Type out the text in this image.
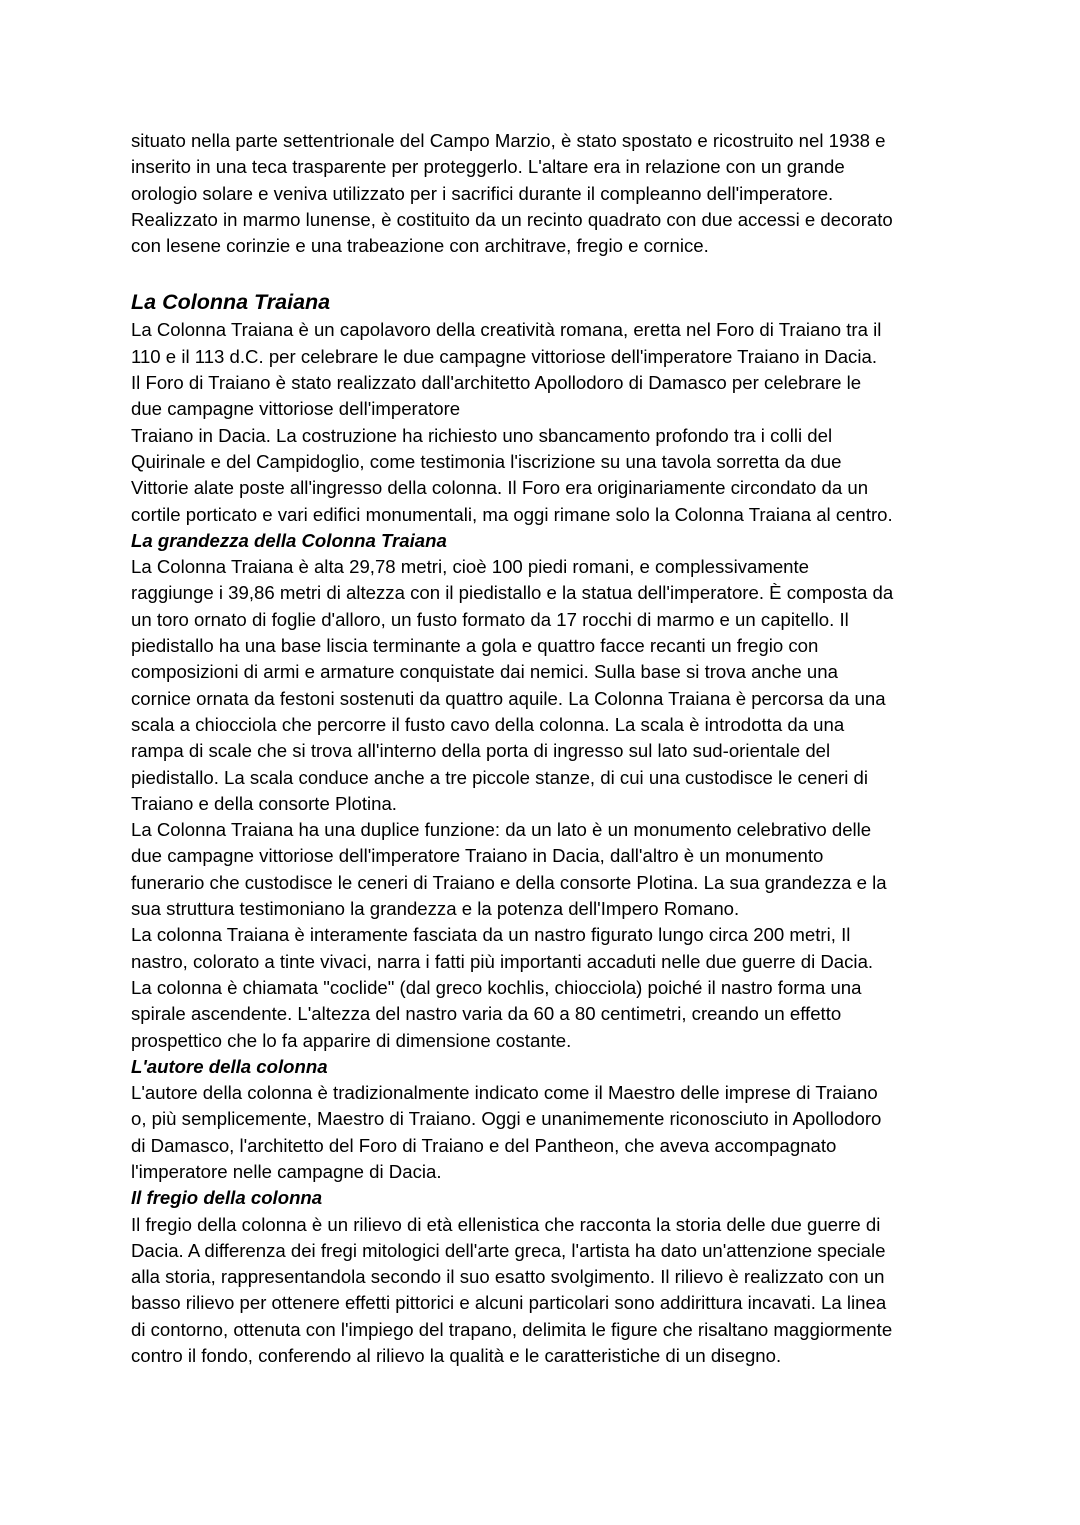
situato nella parte settentrionale del Campo Marzio, è stato spostato e ricostruito nel 1938 e
inserito in una teca trasparente per proteggerlo. L'altare era in relazione con un grande
orologio solare e veniva utilizzato per i sacrifici durante il compleanno dell'imperatore.
Realizzato in marmo lunense, è costituito da un recinto quadrato con due accessi e decorato
con lesene corinzie e una trabeazione con architrave, fregio e cornice.
La Colonna Traiana
La Colonna Traiana è un capolavoro della creatività romana, eretta nel Foro di Traiano tra il
110 e il 113 d.C. per celebrare le due campagne vittoriose dell'imperatore Traiano in Dacia.
Il Foro di Traiano è stato realizzato dall'architetto Apollodoro di Damasco per celebrare le
due campagne vittoriose dell'imperatore
Traiano in Dacia. La costruzione ha richiesto uno sbancamento profondo tra i colli del
Quirinale e del Campidoglio, come testimonia l'iscrizione su una tavola sorretta da due
Vittorie alate poste all'ingresso della colonna. Il Foro era originariamente circondato da un
cortile porticato e vari edifici monumentali, ma oggi rimane solo la Colonna Traiana al centro.
La grandezza della Colonna Traiana
La Colonna Traiana è alta 29,78 metri, cioè 100 piedi romani, e complessivamente
raggiunge i 39,86 metri di altezza con il piedistallo e la statua dell'imperatore. È composta da
un toro ornato di foglie d'alloro, un fusto formato da 17 rocchi di marmo e un capitello. Il
piedistallo ha una base liscia terminante a gola e quattro facce recanti un fregio con
composizioni di armi e armature conquistate dai nemici. Sulla base si trova anche una
cornice ornata da festoni sostenuti da quattro aquile. La Colonna Traiana è percorsa da una
scala a chiocciola che percorre il fusto cavo della colonna. La scala è introdotta da una
rampa di scale che si trova all'interno della porta di ingresso sul lato sud-orientale del
piedistallo. La scala conduce anche a tre piccole stanze, di cui una custodisce le ceneri di
Traiano e della consorte Plotina.
La Colonna Traiana ha una duplice funzione: da un lato è un monumento celebrativo delle
due campagne vittoriose dell'imperatore Traiano in Dacia, dall'altro è un monumento
funerario che custodisce le ceneri di Traiano e della consorte Plotina. La sua grandezza e la
sua struttura testimoniano la grandezza e la potenza dell'Impero Romano.
La colonna Traiana è interamente fasciata da un nastro figurato lungo circa 200 metri, Il
nastro, colorato a tinte vivaci, narra i fatti più importanti accaduti nelle due guerre di Dacia.
La colonna è chiamata "coclide" (dal greco kochlis, chiocciola) poiché il nastro forma una
spirale ascendente. L'altezza del nastro varia da 60 a 80 centimetri, creando un effetto
prospettico che lo fa apparire di dimensione costante.
L'autore della colonna
L'autore della colonna è tradizionalmente indicato come il Maestro delle imprese di Traiano
o, più semplicemente, Maestro di Traiano. Oggi e unanimemente riconosciuto in Apollodoro
di Damasco, l'architetto del Foro di Traiano e del Pantheon, che aveva accompagnato
l'imperatore nelle campagne di Dacia.
Il fregio della colonna
Il fregio della colonna è un rilievo di età ellenistica che racconta la storia delle due guerre di
Dacia. A differenza dei fregi mitologici dell'arte greca, l'artista ha dato un'attenzione speciale
alla storia, rappresentandola secondo il suo esatto svolgimento. Il rilievo è realizzato con un
basso rilievo per ottenere effetti pittorici e alcuni particolari sono addirittura incavati. La linea
di contorno, ottenuta con l'impiego del trapano, delimita le figure che risaltano maggiormente
contro il fondo, conferendo al rilievo la qualità e le caratteristiche di un disegno.
